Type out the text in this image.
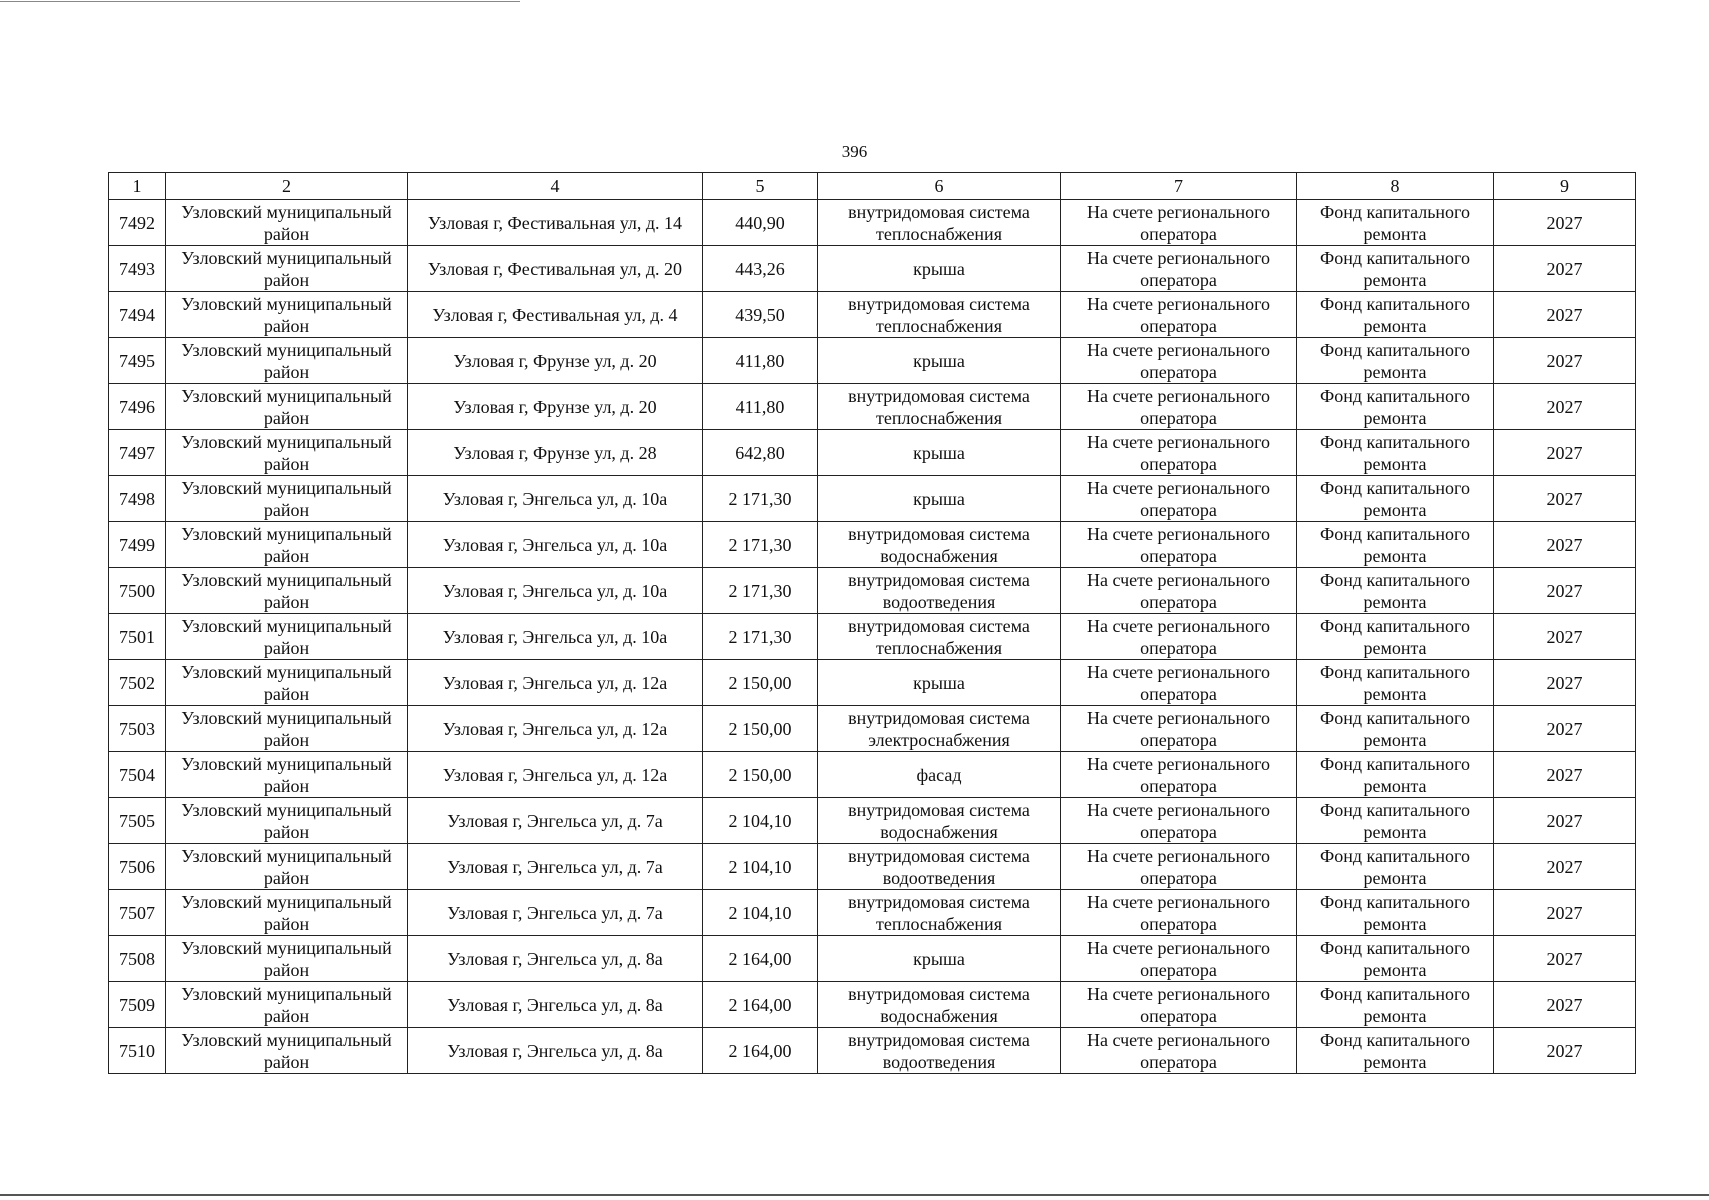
396
1	2	4	5	6	7	8	9
7492	Узловский муниципальный район	Узловая г, Фестивальная ул, д. 14	440,90	внутридомовая система теплоснабжения	На счете регионального оператора	Фонд капитального ремонта	2027
7493	Узловский муниципальный район	Узловая г, Фестивальная ул, д. 20	443,26	крыша	На счете регионального оператора	Фонд капитального ремонта	2027
7494	Узловский муниципальный район	Узловая г, Фестивальная ул, д. 4	439,50	внутридомовая система теплоснабжения	На счете регионального оператора	Фонд капитального ремонта	2027
7495	Узловский муниципальный район	Узловая г, Фрунзе ул, д. 20	411,80	крыша	На счете регионального оператора	Фонд капитального ремонта	2027
7496	Узловский муниципальный район	Узловая г, Фрунзе ул, д. 20	411,80	внутридомовая система теплоснабжения	На счете регионального оператора	Фонд капитального ремонта	2027
7497	Узловский муниципальный район	Узловая г, Фрунзе ул, д. 28	642,80	крыша	На счете регионального оператора	Фонд капитального ремонта	2027
7498	Узловский муниципальный район	Узловая г, Энгельса ул, д. 10а	2 171,30	крыша	На счете регионального оператора	Фонд капитального ремонта	2027
7499	Узловский муниципальный район	Узловая г, Энгельса ул, д. 10а	2 171,30	внутридомовая система водоснабжения	На счете регионального оператора	Фонд капитального ремонта	2027
7500	Узловский муниципальный район	Узловая г, Энгельса ул, д. 10а	2 171,30	внутридомовая система водоотведения	На счете регионального оператора	Фонд капитального ремонта	2027
7501	Узловский муниципальный район	Узловая г, Энгельса ул, д. 10а	2 171,30	внутридомовая система теплоснабжения	На счете регионального оператора	Фонд капитального ремонта	2027
7502	Узловский муниципальный район	Узловая г, Энгельса ул, д. 12а	2 150,00	крыша	На счете регионального оператора	Фонд капитального ремонта	2027
7503	Узловский муниципальный район	Узловая г, Энгельса ул, д. 12а	2 150,00	внутридомовая система электроснабжения	На счете регионального оператора	Фонд капитального ремонта	2027
7504	Узловский муниципальный район	Узловая г, Энгельса ул, д. 12а	2 150,00	фасад	На счете регионального оператора	Фонд капитального ремонта	2027
7505	Узловский муниципальный район	Узловая г, Энгельса ул, д. 7а	2 104,10	внутридомовая система водоснабжения	На счете регионального оператора	Фонд капитального ремонта	2027
7506	Узловский муниципальный район	Узловая г, Энгельса ул, д. 7а	2 104,10	внутридомовая система водоотведения	На счете регионального оператора	Фонд капитального ремонта	2027
7507	Узловский муниципальный район	Узловая г, Энгельса ул, д. 7а	2 104,10	внутридомовая система теплоснабжения	На счете регионального оператора	Фонд капитального ремонта	2027
7508	Узловский муниципальный район	Узловая г, Энгельса ул, д. 8а	2 164,00	крыша	На счете регионального оператора	Фонд капитального ремонта	2027
7509	Узловский муниципальный район	Узловая г, Энгельса ул, д. 8а	2 164,00	внутридомовая система водоснабжения	На счете регионального оператора	Фонд капитального ремонта	2027
7510	Узловский муниципальный район	Узловая г, Энгельса ул, д. 8а	2 164,00	внутридомовая система водоотведения	На счете регионального оператора	Фонд капитального ремонта	2027
